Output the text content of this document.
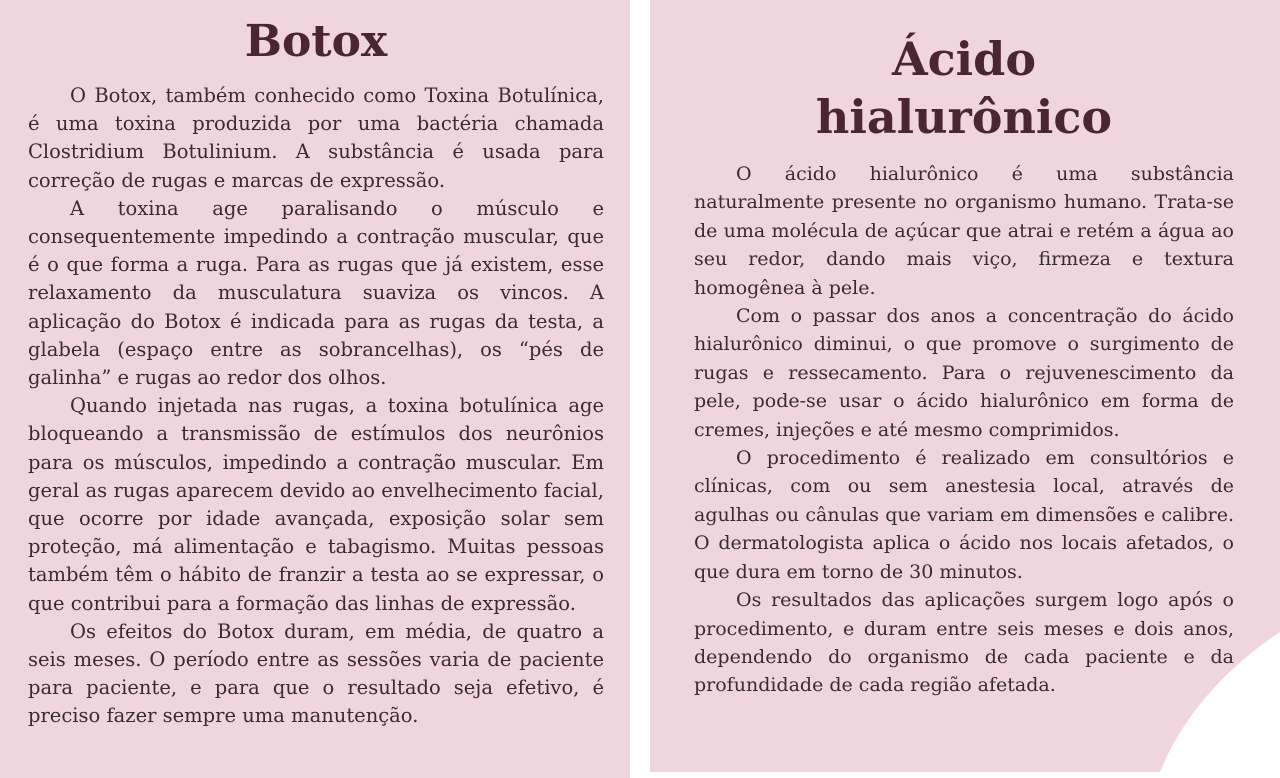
Botox

O Botox, também conhecido como Toxina Botulínica, é uma toxina produzida por uma bactéria chamada Clostridium Botulinium. A substância é usada para correção de rugas e marcas de expressão.

A toxina age paralisando o músculo e consequentemente impedindo a contração muscular, que é o que forma a ruga. Para as rugas que já existem, esse relaxamento da musculatura suaviza os vincos. A aplicação do Botox é indicada para as rugas da testa, a glabela (espaço entre as sobrancelhas), os “pés de galinha” e rugas ao redor dos olhos.

Quando injetada nas rugas, a toxina botulínica age bloqueando a transmissão de estímulos dos neurônios para os músculos, impedindo a contração muscular. Em geral as rugas aparecem devido ao envelhecimento facial, que ocorre por idade avançada, exposição solar sem proteção, má alimentação e tabagismo. Muitas pessoas também têm o hábito de franzir a testa ao se expressar, o que contribui para a formação das linhas de expressão.

Os efeitos do Botox duram, em média, de quatro a seis meses. O período entre as sessões varia de paciente para paciente, e para que o resultado seja efetivo, é preciso fazer sempre uma manutenção.

Ácido
hialurônico

O ácido hialurônico é uma substância naturalmente presente no organismo humano. Trata-se de uma molécula de açúcar que atrai e retém a água ao seu redor, dando mais viço, firmeza e textura homogênea à pele.

Com o passar dos anos a concentração do ácido hialurônico diminui, o que promove o surgimento de rugas e ressecamento. Para o rejuvenescimento da pele, pode-se usar o ácido hialurônico em forma de cremes, injeções e até mesmo comprimidos.

O procedimento é realizado em consultórios e clínicas, com ou sem anestesia local, através de agulhas ou cânulas que variam em dimensões e calibre. O dermatologista aplica o ácido nos locais afetados, o que dura em torno de 30 minutos.

Os resultados das aplicações surgem logo após o procedimento, e duram entre seis meses e dois anos, dependendo do organismo de cada paciente e da profundidade de cada região afetada.
